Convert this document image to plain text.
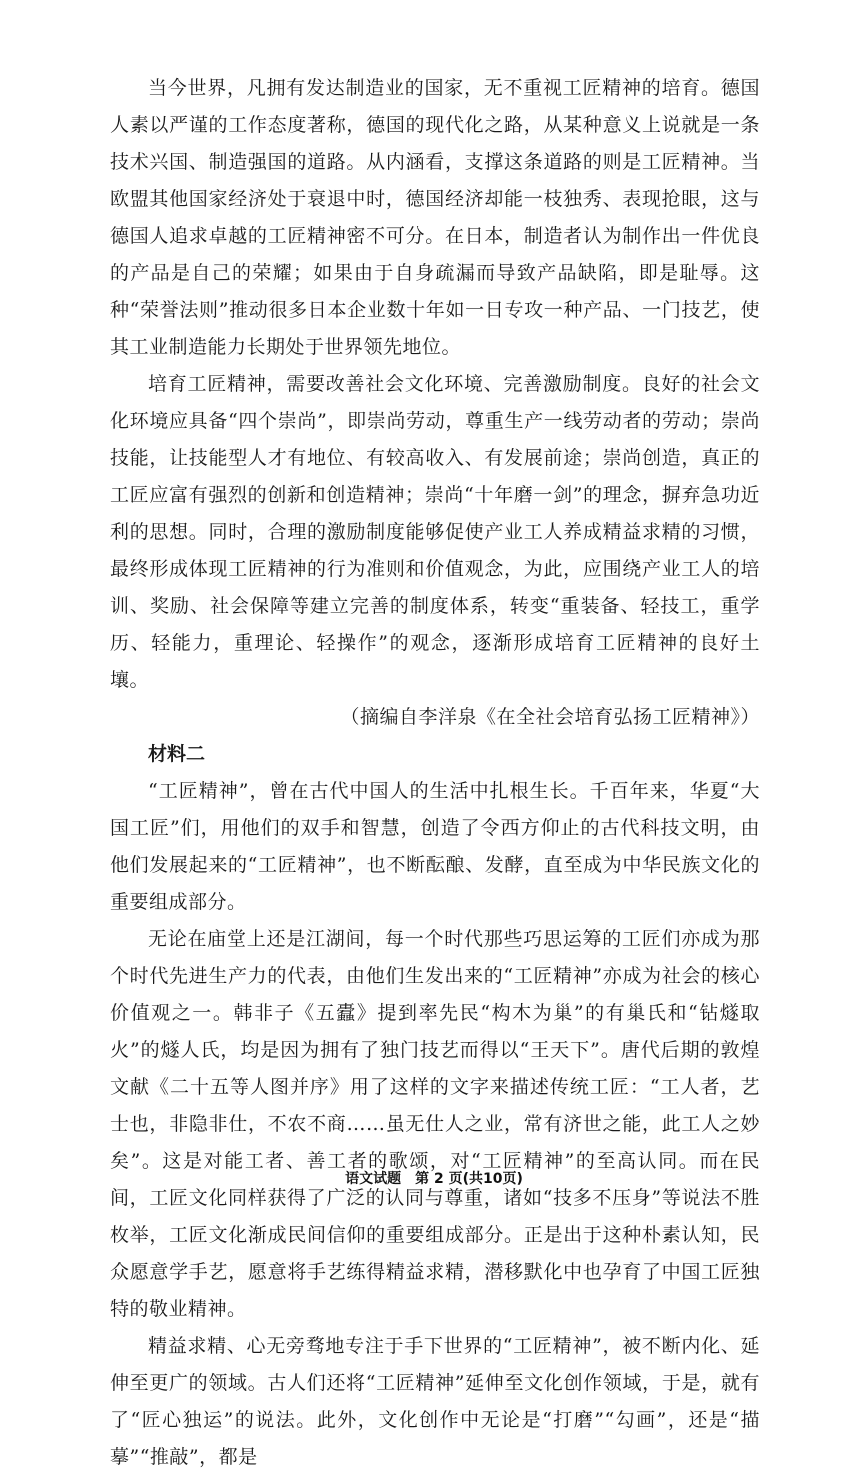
当今世界，凡拥有发达制造业的国家，无不重视工匠精神的培育。德国人素以严谨的工作态度著称，德国的现代化之路，从某种意义上说就是一条技术兴国、制造强国的道路。从内涵看，支撑这条道路的则是工匠精神。当欧盟其他国家经济处于衰退中时，德国经济却能一枝独秀、表现抢眼，这与德国人追求卓越的工匠精神密不可分。在日本，制造者认为制作出一件优良的产品是自己的荣耀；如果由于自身疏漏而导致产品缺陷，即是耻辱。这种“荣誉法则”推动很多日本企业数十年如一日专攻一种产品、一门技艺，使其工业制造能力长期处于世界领先地位。

培育工匠精神，需要改善社会文化环境、完善激励制度。良好的社会文化环境应具备“四个崇尚”，即崇尚劳动，尊重生产一线劳动者的劳动；崇尚技能，让技能型人才有地位、有较高收入、有发展前途；崇尚创造，真正的工匠应富有强烈的创新和创造精神；崇尚“十年磨一剑”的理念，摒弃急功近利的思想。同时，合理的激励制度能够促使产业工人养成精益求精的习惯，最终形成体现工匠精神的行为准则和价值观念，为此，应围绕产业工人的培训、奖励、社会保障等建立完善的制度体系，转变“重装备、轻技工，重学历、轻能力，重理论、轻操作”的观念，逐渐形成培育工匠精神的良好土壤。

（摘编自李洋泉《在全社会培育弘扬工匠精神》）

材料二

“工匠精神”，曾在古代中国人的生活中扎根生长。千百年来，华夏“大国工匠”们，用他们的双手和智慧，创造了令西方仰止的古代科技文明，由他们发展起来的“工匠精神”，也不断酝酿、发酵，直至成为中华民族文化的重要组成部分。

无论在庙堂上还是江湖间，每一个时代那些巧思运筹的工匠们亦成为那个时代先进生产力的代表，由他们生发出来的“工匠精神”亦成为社会的核心价值观之一。韩非子《五蠹》提到率先民“构木为巢”的有巢氏和“钻燧取火”的燧人氏，均是因为拥有了独门技艺而得以“王天下”。唐代后期的敦煌文献《二十五等人图并序》用了这样的文字来描述传统工匠：“工人者，艺士也，非隐非仕，不农不商……虽无仕人之业，常有济世之能，此工人之妙矣”。这是对能工者、善工者的歌颂，对“工匠精神”的至高认同。而在民间，工匠文化同样获得了广泛的认同与尊重，诸如“技多不压身”等说法不胜枚举，工匠文化渐成民间信仰的重要组成部分。正是出于这种朴素认知，民众愿意学手艺，愿意将手艺练得精益求精，潜移默化中也孕育了中国工匠独特的敬业精神。

精益求精、心无旁骛地专注于手下世界的“工匠精神”，被不断内化、延伸至更广的领域。古人们还将“工匠精神”延伸至文化创作领域，于是，就有了“匠心独运”的说法。此外，文化创作中无论是“打磨”“勾画”，还是“描摹”“推敲”，都是

语文试题　第 2 页(共10页)
